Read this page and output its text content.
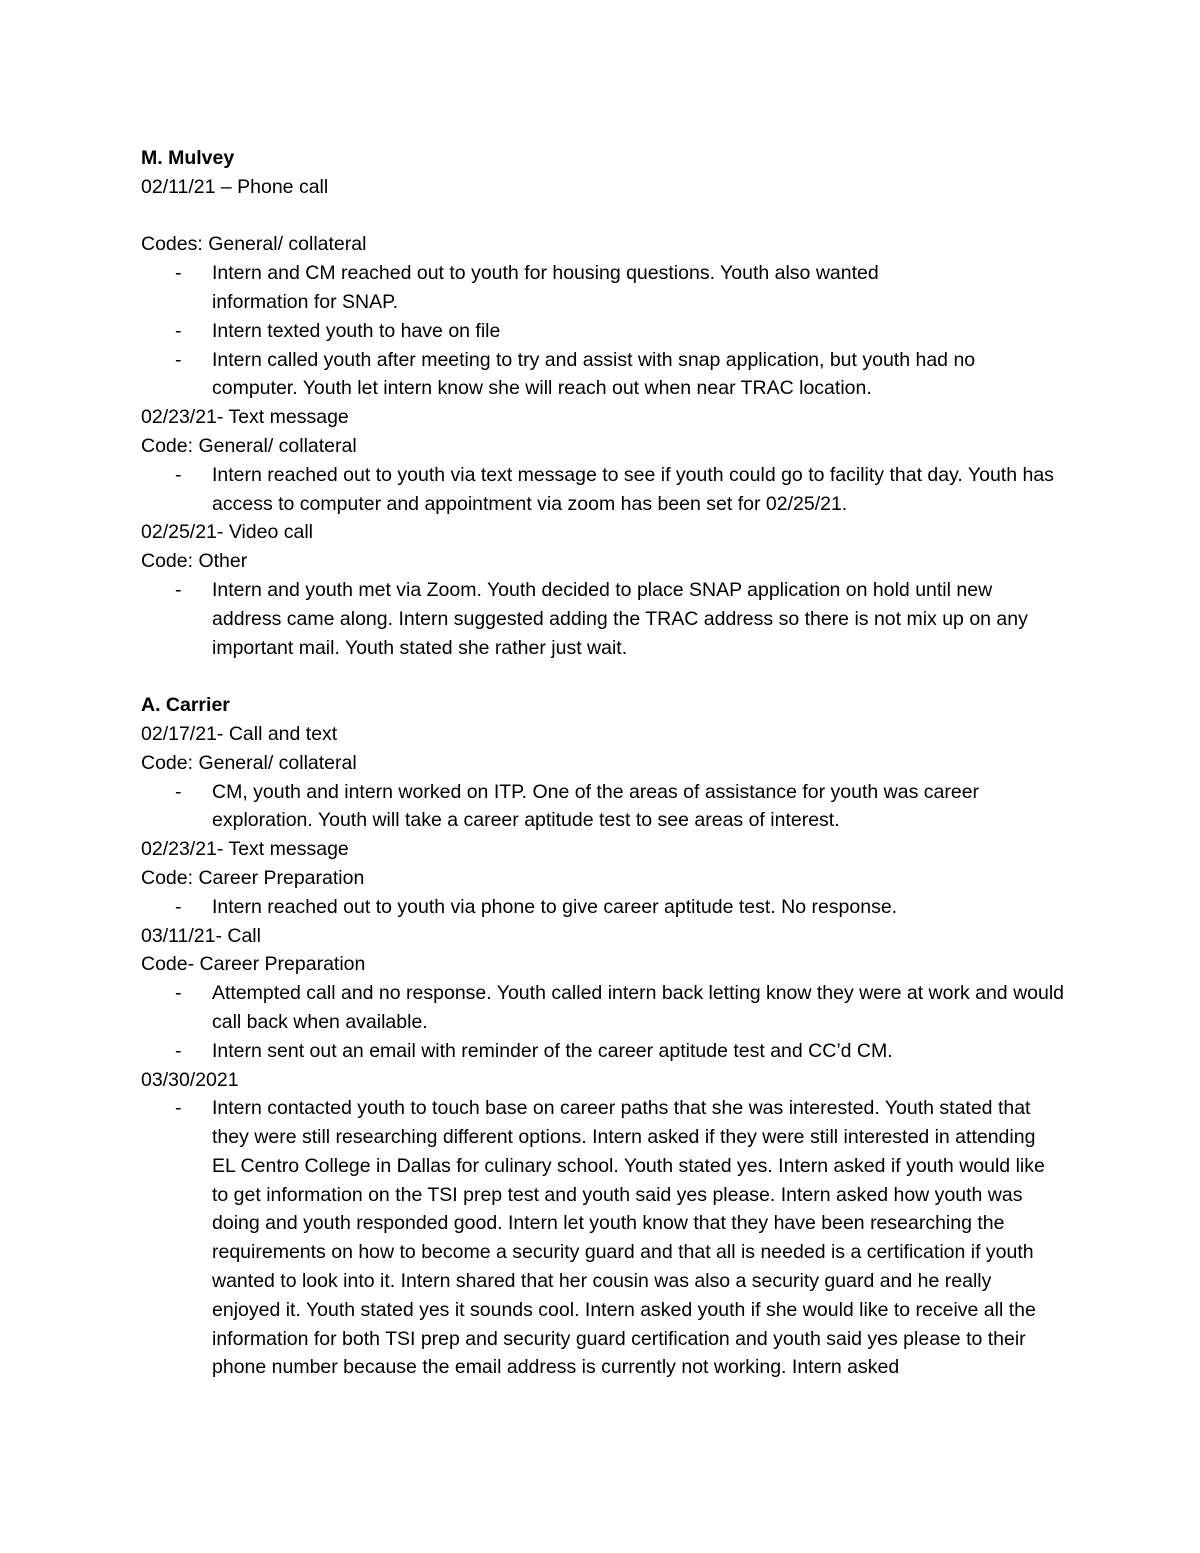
M. Mulvey

02/11/21 – Phone call

Codes: General/ collateral

- Intern and CM reached out to youth for housing questions. Youth also wanted information for SNAP.
- Intern texted youth to have on file
- Intern called youth after meeting to try and assist with snap application, but youth had no computer. Youth let intern know she will reach out when near TRAC location.

02/23/21- Text message

Code: General/ collateral

- Intern reached out to youth via text message to see if youth could go to facility that day. Youth has access to computer and appointment via zoom has been set for 02/25/21.

02/25/21- Video call

Code: Other

- Intern and youth met via Zoom. Youth decided to place SNAP application on hold until new address came along. Intern suggested adding the TRAC address so there is not mix up on any important mail. Youth stated she rather just wait.

A. Carrier

02/17/21- Call and text

Code: General/ collateral

- CM, youth and intern worked on ITP. One of the areas of assistance for youth was career exploration. Youth will take a career aptitude test to see areas of interest.

02/23/21- Text message

Code: Career Preparation

- Intern reached out to youth via phone to give career aptitude test. No response.

03/11/21- Call

Code- Career Preparation

- Attempted call and no response. Youth called intern back letting know they were at work and would call back when available.
- Intern sent out an email with reminder of the career aptitude test and CC’d CM.

03/30/2021

- Intern contacted youth to touch base on career paths that she was interested. Youth stated that they were still researching different options. Intern asked if they were still interested in attending EL Centro College in Dallas for culinary school. Youth stated yes. Intern asked if youth would like to get information on the TSI prep test and youth said yes please. Intern asked how youth was doing and youth responded good. Intern let youth know that they have been researching the requirements on how to become a security guard and that all is needed is a certification if youth wanted to look into it. Intern shared that her cousin was also a security guard and he really enjoyed it. Youth stated yes it sounds cool. Intern asked youth if she would like to receive all the information for both TSI prep and security guard certification and youth said yes please to their phone number because the email address is currently not working. Intern asked
